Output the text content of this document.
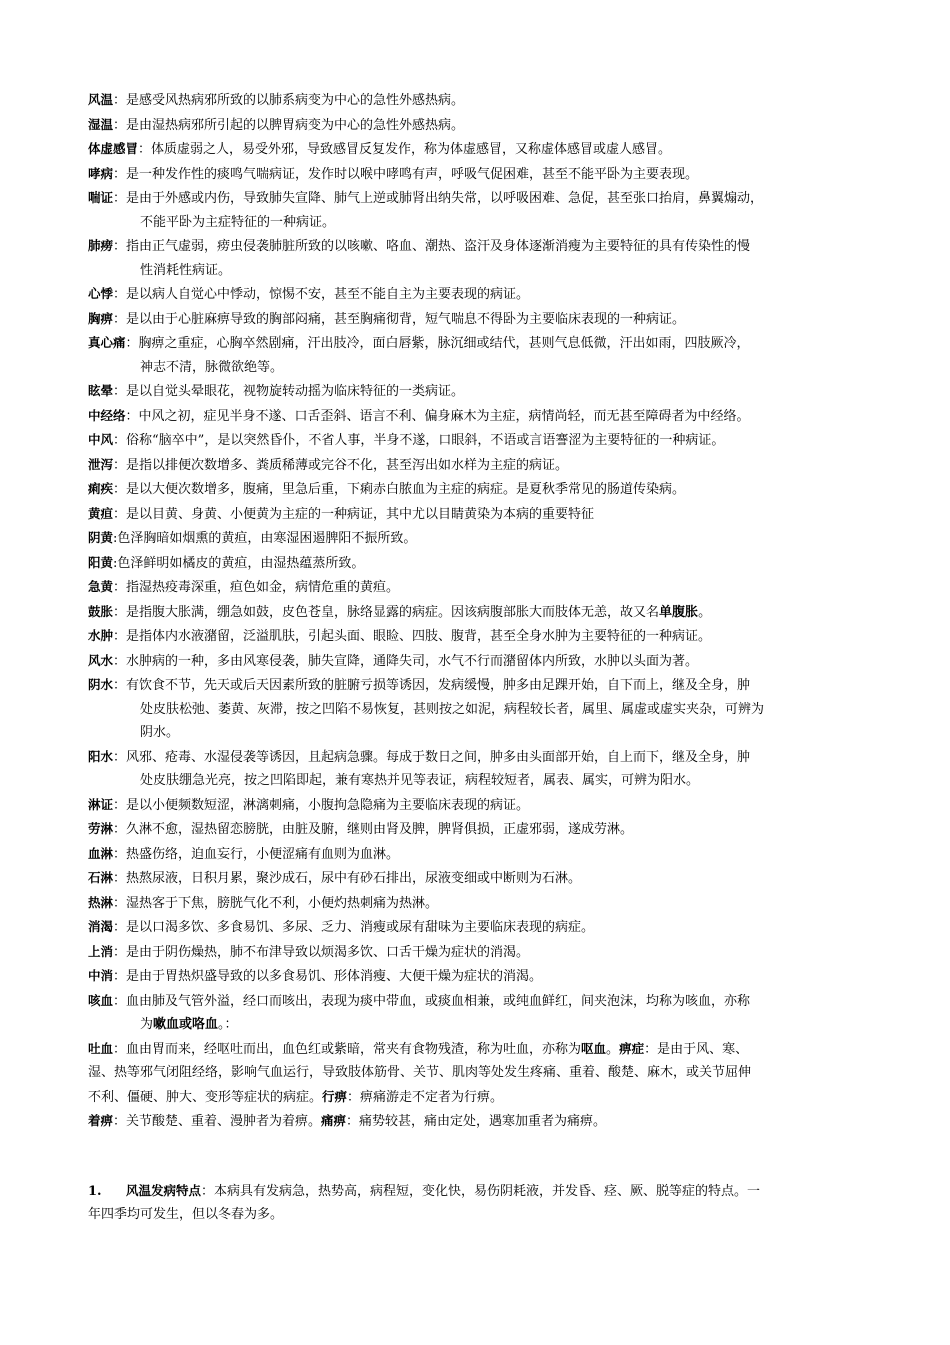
风温：是感受风热病邪所致的以肺系病变为中心的急性外感热病。
湿温：是由湿热病邪所引起的以脾胃病变为中心的急性外感热病。
体虚感冒：体质虚弱之人，易受外邪，导致感冒反复发作，称为体虚感冒，又称虚体感冒或虚人感冒。
哮病：是一种发作性的痰鸣气喘病证，发作时以喉中哮鸣有声，呼吸气促困难，甚至不能平卧为主要表现。
喘证：是由于外感或内伤，导致肺失宣降、肺气上逆或肺肾出纳失常，以呼吸困难、急促，甚至张口抬肩，鼻翼煽动，
不能平卧为主症特征的一种病证。
肺痨：指由正气虚弱，痨虫侵袭肺脏所致的以咳嗽、咯血、潮热、盗汗及身体逐渐消瘦为主要特征的具有传染性的慢
性消耗性病证。
心悸：是以病人自觉心中悸动，惊惕不安，甚至不能自主为主要表现的病证。
胸痹：是以由于心脏麻痹导致的胸部闷痛，甚至胸痛彻背，短气喘息不得卧为主要临床表现的一种病证。
真心痛：胸痹之重症，心胸卒然剧痛，汗出肢冷，面白唇紫，脉沉细或结代，甚则气息低微，汗出如雨，四肢厥冷，
神志不清，脉微欲绝等。
眩晕：是以自觉头晕眼花，视物旋转动摇为临床特征的一类病证。
中经络：中风之初，症见半身不遂、口舌歪斜、语言不利、偏身麻木为主症，病情尚轻，而无甚至障碍者为中经络。
中风：俗称“脑卒中”，是以突然昏仆，不省人事，半身不遂，口眼斜，不语或言语謇涩为主要特征的一种病证。
泄泻：是指以排便次数增多、粪质稀薄或完谷不化，甚至泻出如水样为主症的病证。
痢疾：是以大便次数增多，腹痛，里急后重，下痢赤白脓血为主症的病症。是夏秋季常见的肠道传染病。
黄疸：是以目黄、身黄、小便黄为主症的一种病证，其中尤以目睛黄染为本病的重要特征
阴黄:色泽胸暗如烟熏的黄疸，由寒湿困遏脾阳不振所致。
阳黄:色泽鲜明如橘皮的黄疸，由湿热蕴蒸所致。
急黄：指湿热疫毒深重，疸色如金，病情危重的黄疸。
鼓胀：是指腹大胀满，绷急如鼓，皮色苍皇，脉络显露的病症。因该病腹部胀大而肢体无恙，故又名单腹胀。
水肿：是指体内水液潴留，泛溢肌肤，引起头面、眼睑、四肢、腹背，甚至全身水肿为主要特征的一种病证。
风水：水肿病的一种，多由风寒侵袭，肺失宣降，通降失司，水气不行而潴留体内所致，水肿以头面为著。
阴水：有饮食不节，先天或后天因素所致的脏腑亏损等诱因，发病缓慢，肿多由足踝开始，自下而上，继及全身，肿
处皮肤松弛、萎黄、灰滞，按之凹陷不易恢复，甚则按之如泥，病程较长者，属里、属虚或虚实夹杂，可辨为
阴水。
阳水：风邪、疮毒、水湿侵袭等诱因，且起病急骤。每成于数日之间，肿多由头面部开始，自上而下，继及全身，肿
处皮肤绷急光亮，按之凹陷即起，兼有寒热并见等表证，病程较短者，属表、属实，可辨为阳水。
淋证：是以小便频数短涩，淋漓刺痛，小腹拘急隐痛为主要临床表现的病证。
劳淋：久淋不愈，湿热留恋膀胱，由脏及腑，继则由肾及脾，脾肾俱损，正虚邪弱，遂成劳淋。
血淋：热盛伤络，迫血妄行，小便涩痛有血则为血淋。
石淋：热熬尿液，日积月累，聚沙成石，尿中有砂石排出，尿液变细或中断则为石淋。
热淋：湿热客于下焦，膀胱气化不利，小便灼热刺痛为热淋。
消渴：是以口渴多饮、多食易饥、多尿、乏力、消瘦或尿有甜味为主要临床表现的病症。
上消：是由于阴伤燥热，肺不布津导致以烦渴多饮、口舌干燥为症状的消渴。
中消：是由于胃热炽盛导致的以多食易饥、形体消瘦、大便干燥为症状的消渴。
咳血：血由肺及气管外溢，经口而咳出，表现为痰中带血，或痰血相兼，或纯血鲜红，间夹泡沫，均称为咳血，亦称
为嗽血或咯血。：
吐血：血由胃而来，经呕吐而出，血色红或紫暗，常夹有食物残渣，称为吐血，亦称为呕血。痹症：是由于风、寒、
湿、热等邪气闭阻经络，影响气血运行，导致肢体筋骨、关节、肌肉等处发生疼痛、重着、酸楚、麻木，或关节屈伸
不利、僵硬、肿大、变形等症状的病症。行痹：痹痛游走不定者为行痹。
着痹：关节酸楚、重着、漫肿者为着痹。痛痹：痛势较甚，痛由定处，遇寒加重者为痛痹。
1. 风温发病特点：本病具有发病急，热势高，病程短，变化快，易伤阴耗液，并发昏、痉、厥、脱等症的特点。一
年四季均可发生，但以冬春为多。
